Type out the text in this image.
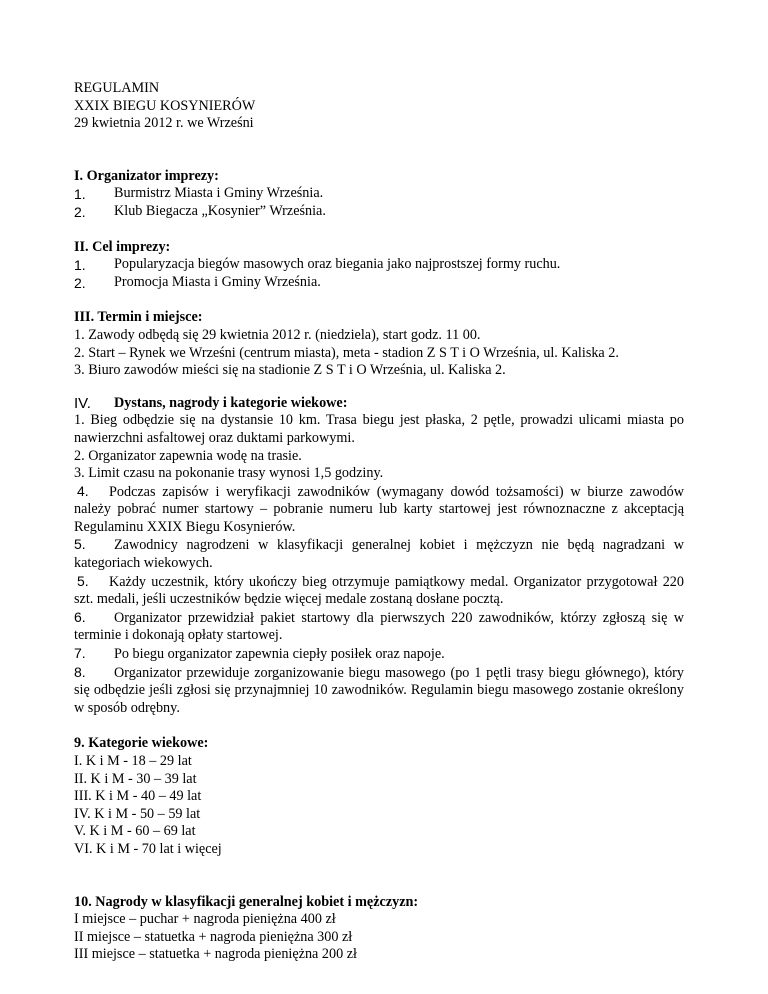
REGULAMIN
XXIX BIEGU KOSYNIERÓW
29 kwietnia 2012 r. we Wrześni
I. Organizator imprezy:
1. Burmistrz Miasta i Gminy Września.
2. Klub Biegacza „Kosynier” Września.
II. Cel imprezy:
1. Popularyzacja biegów masowych oraz biegania jako najprostszej formy ruchu.
2. Promocja Miasta i Gminy Września.
III. Termin i miejsce:
1. Zawody odbędą się 29 kwietnia 2012 r. (niedziela), start godz. 11 00.
2. Start – Rynek we Wrześni (centrum miasta), meta - stadion Z S T i O Września, ul. Kaliska 2.
3. Biuro zawodów mieści się na stadionie Z S T i O Września, ul. Kaliska 2.
IV. Dystans, nagrody i kategorie wiekowe:
1. Bieg odbędzie się na dystansie 10 km. Trasa biegu jest płaska, 2 pętle, prowadzi ulicami miasta po nawierzchni asfaltowej oraz duktami parkowymi.
2. Organizator zapewnia wodę na trasie.
3. Limit czasu na pokonanie trasy wynosi 1,5 godziny.
4. Podczas zapisów i weryfikacji zawodników (wymagany dowód tożsamości) w biurze zawodów należy pobrać numer startowy – pobranie numeru lub karty startowej jest równoznaczne z akceptacją Regulaminu XXIX Biegu Kosynierów.
5. Zawodnicy nagrodzeni w klasyfikacji generalnej kobiet i mężczyzn nie będą nagradzani w kategoriach wiekowych.
5. Każdy uczestnik, który ukończy bieg otrzymuje pamiątkowy medal. Organizator przygotował 220 szt. medali, jeśli uczestników będzie więcej medale zostaną dosłane pocztą.
6. Organizator przewidział pakiet startowy dla pierwszych 220 zawodników, którzy zgłoszą się w terminie i dokonają opłaty startowej.
7. Po biegu organizator zapewnia ciepły posiłek oraz napoje.
8. Organizator przewiduje zorganizowanie biegu masowego (po 1 pętli trasy biegu głównego), który się odbędzie jeśli zgłosi się przynajmniej 10 zawodników. Regulamin biegu masowego zostanie określony w sposób odrębny.
9. Kategorie wiekowe:
I. K i M - 18 – 29 lat
II. K i M - 30 – 39 lat
III. K i M - 40 – 49 lat
IV. K i M - 50 – 59 lat
V. K i M - 60 – 69 lat
VI. K i M - 70 lat i więcej
10. Nagrody w klasyfikacji generalnej kobiet i mężczyzn:
I miejsce – puchar + nagroda pieniężna 400 zł
II miejsce – statuetka + nagroda pieniężna 300 zł
III miejsce – statuetka + nagroda pieniężna 200 zł
